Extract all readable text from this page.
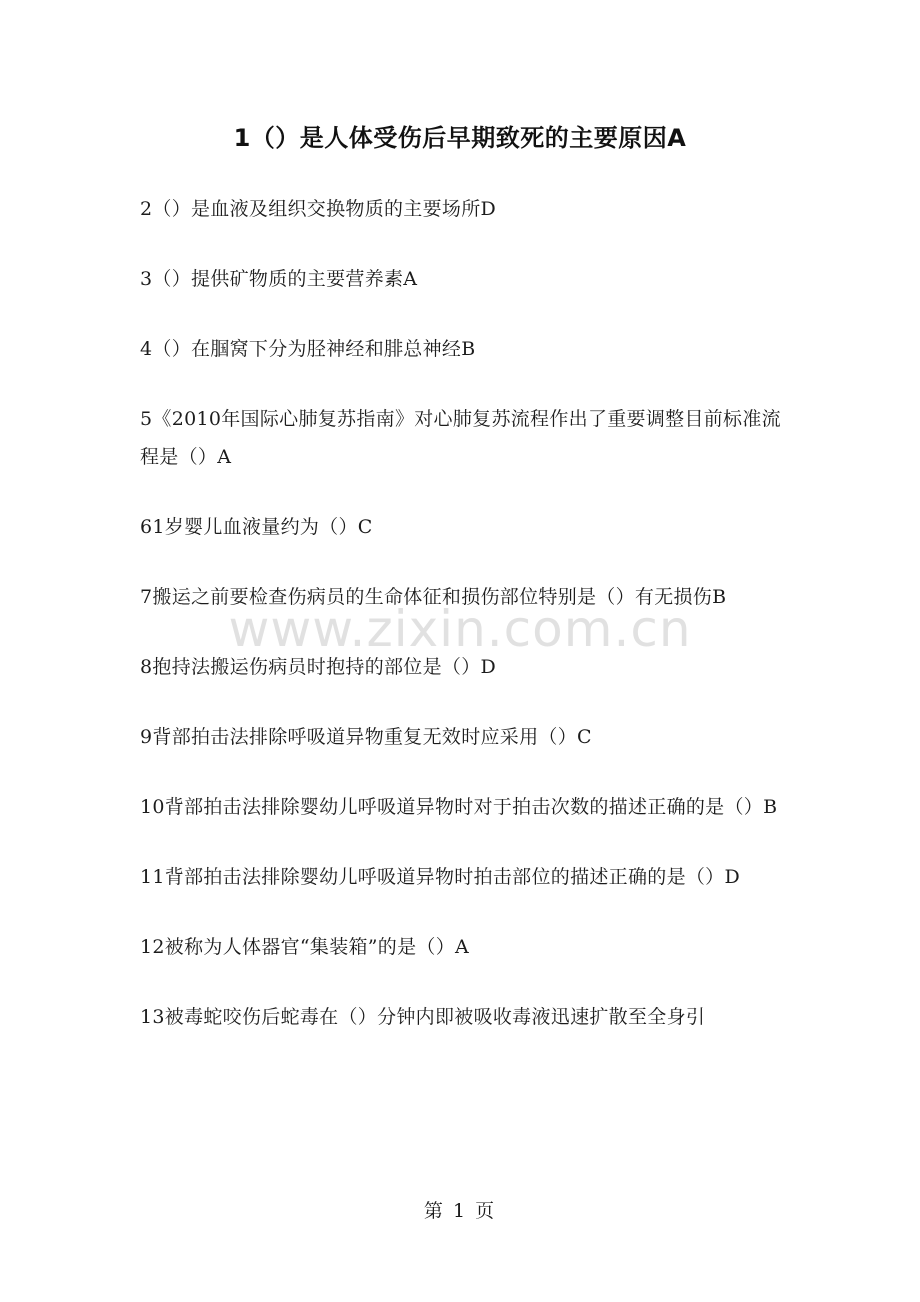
1（）是人体受伤后早期致死的主要原因A

2（）是血液及组织交换物质的主要场所D

3（）提供矿物质的主要营养素A

4（）在腘窝下分为胫神经和腓总神经B

5《2010年国际心肺复苏指南》对心肺复苏流程作出了重要调整目前标准流程是（）A

61岁婴儿血液量约为（）C

7搬运之前要检查伤病员的生命体征和损伤部位特别是（）有无损伤B

8抱持法搬运伤病员时抱持的部位是（）D

9背部拍击法排除呼吸道异物重复无效时应采用（）C

10背部拍击法排除婴幼儿呼吸道异物时对于拍击次数的描述正确的是（）B

11背部拍击法排除婴幼儿呼吸道异物时拍击部位的描述正确的是（）D

12被称为人体器官“集装箱”的是（）A

13被毒蛇咬伤后蛇毒在（）分钟内即被吸收毒液迅速扩散至全身引

www.zixin.com.cn
第 1 页
